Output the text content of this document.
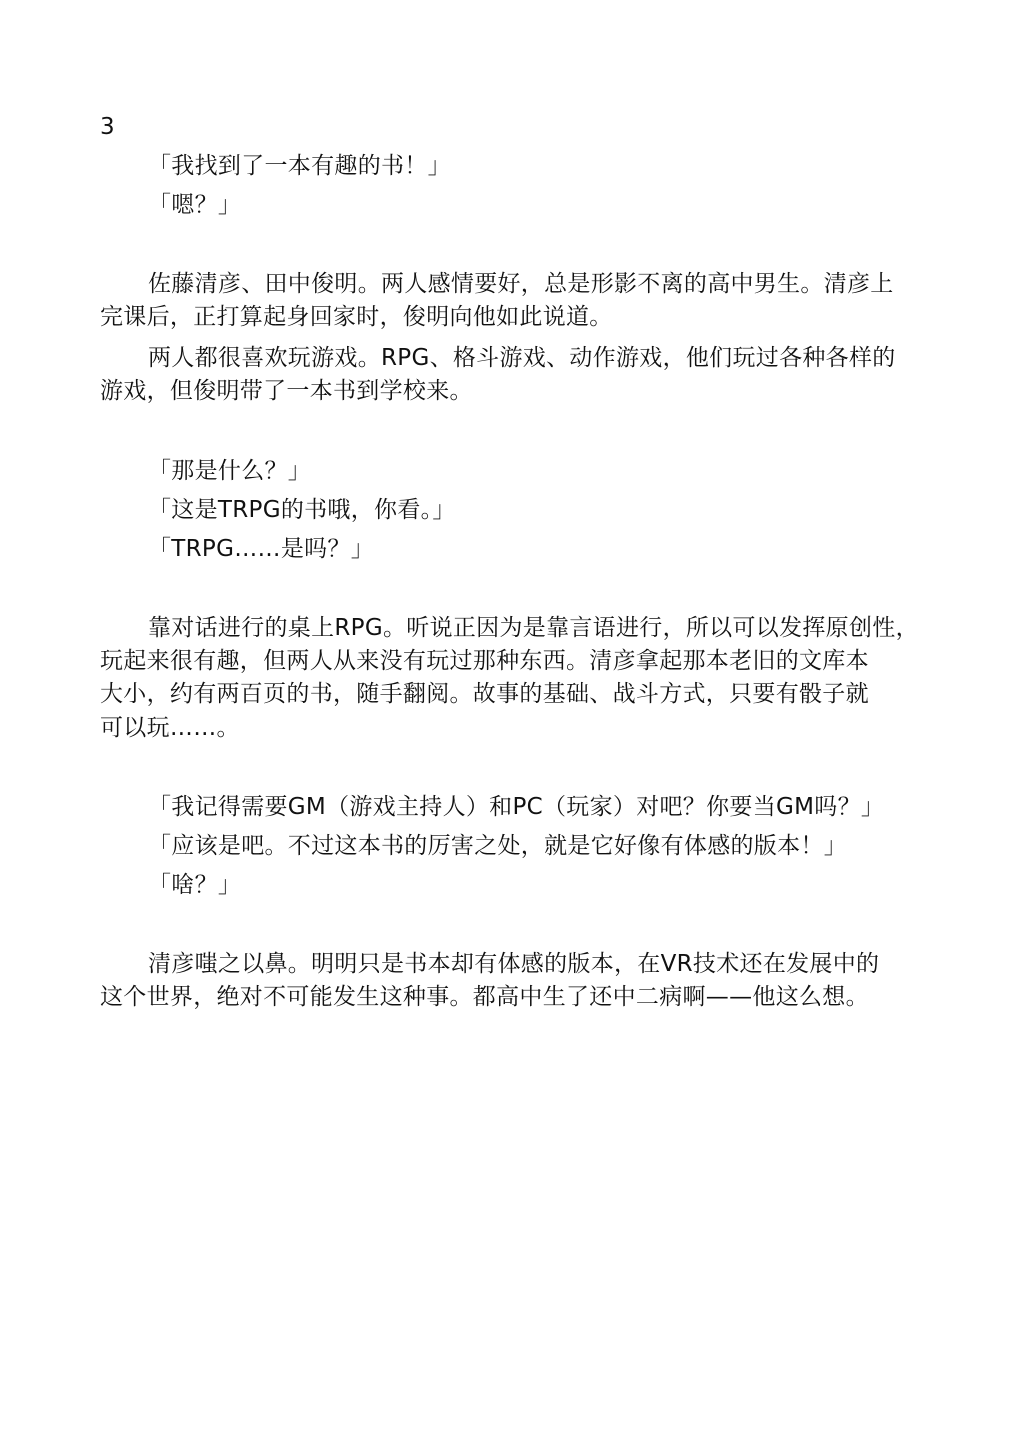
3
「我找到了一本有趣的书！」
「嗯？」
佐藤清彦、田中俊明。两人感情要好，总是形影不离的高中男生。清彦上
完课后，正打算起身回家时，俊明向他如此说道。
两人都很喜欢玩游戏。RPG、格斗游戏、动作游戏，他们玩过各种各样的
游戏，但俊明带了一本书到学校来。
「那是什么？」
「这是TRPG的书哦，你看。」
「TRPG……是吗？」
靠对话进行的桌上RPG。听说正因为是靠言语进行，所以可以发挥原创性，
玩起来很有趣，但两人从来没有玩过那种东西。清彦拿起那本老旧的文库本
大小，约有两百页的书，随手翻阅。故事的基础、战斗方式，只要有骰子就
可以玩……。
「我记得需要GM（游戏主持人）和PC（玩家）对吧？你要当GM吗？」
「应该是吧。不过这本书的厉害之处，就是它好像有体感的版本！」
「啥？」
清彦嗤之以鼻。明明只是书本却有体感的版本，在VR技术还在发展中的
这个世界，绝对不可能发生这种事。都高中生了还中二病啊——他这么想。
